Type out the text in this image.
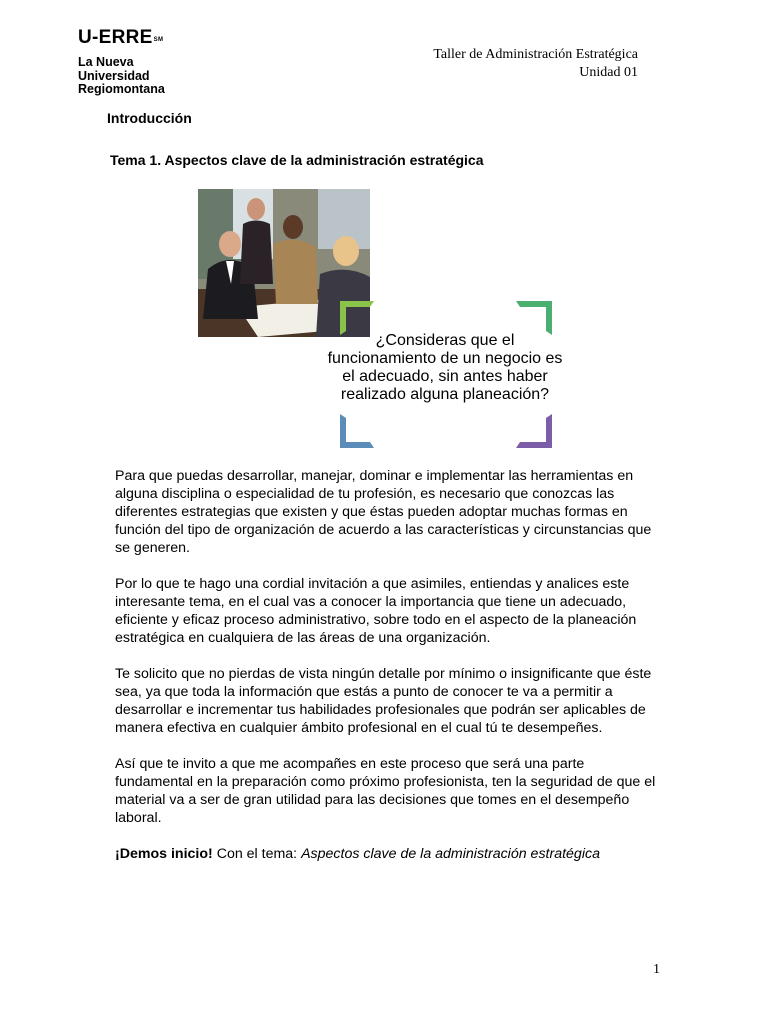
U-ERRE℠
La Nueva
Universidad
Regiomontana
Taller de Administración Estratégica
Unidad 01
Introducción
Tema 1. Aspectos clave de la administración estratégica
¿Consideras que el
funcionamiento de un negocio es
el adecuado, sin antes haber
realizado alguna planeación?

Para que puedas desarrollar, manejar, dominar e implementar las herramientas en alguna disciplina o especialidad de tu profesión, es necesario que conozcas las diferentes estrategias que existen y que éstas pueden adoptar muchas formas en función del tipo de organización de acuerdo a las características y circunstancias que se generen.

Por lo que te hago una cordial invitación a que asimiles, entiendas y analices este interesante tema, en el cual vas a conocer la importancia que tiene un adecuado, eficiente y eficaz proceso administrativo, sobre todo en el aspecto de la planeación estratégica en cualquiera de las áreas de una organización.

Te solicito que no pierdas de vista ningún detalle por mínimo o insignificante que éste sea, ya que toda la información que estás a punto de conocer te va a permitir a desarrollar e incrementar tus habilidades profesionales que podrán ser aplicables de manera efectiva en cualquier ámbito profesional en el cual tú te desempeñes.

Así que te invito a que me acompañes en este proceso que será una parte fundamental en la preparación como próximo profesionista, ten la seguridad de que el material va a ser de gran utilidad para las decisiones que tomes en el desempeño laboral.

¡Demos inicio! Con el tema: Aspectos clave de la administración estratégica

1
